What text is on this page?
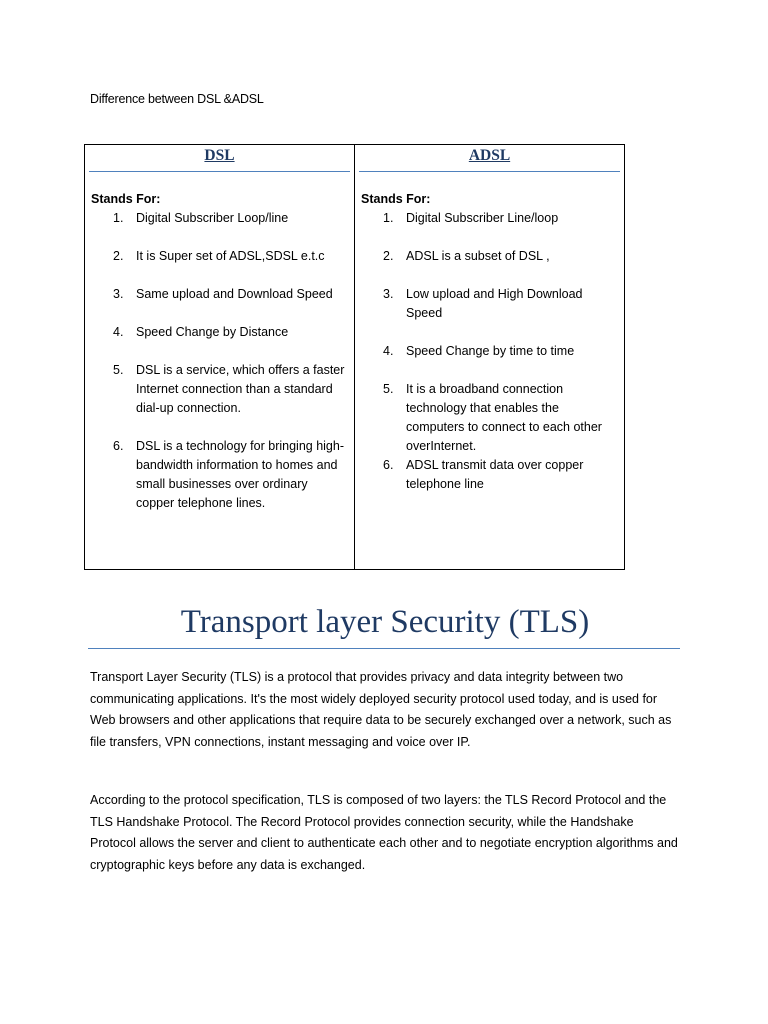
Difference between DSL &ADSL
DSL
Stands For:
1. Digital Subscriber Loop/line
2. It is Super set of ADSL,SDSL e.t.c
3. Same upload and Download Speed
4. Speed Change by Distance
5. DSL is a service, which offers a faster Internet connection than a standard dial-up connection.
6. DSL is a technology for bringing high- bandwidth information to homes and small businesses over ordinary copper telephone lines.
ADSL
Stands For:
1. Digital Subscriber Line/loop
2. ADSL is a subset of DSL ,
3. Low upload and High Download Speed
4. Speed Change by time to time
5. It is a broadband connection technology that enables the computers to connect to each other overInternet.
6. ADSL transmit data over copper telephone line
Transport layer Security (TLS)

Transport Layer Security (TLS) is a protocol that provides privacy and data integrity between two communicating applications. It's the most widely deployed security protocol used today, and is used for Web browsers and other applications that require data to be securely exchanged over a network, such as file transfers, VPN connections, instant messaging and voice over IP.

According to the protocol specification, TLS is composed of two layers: the TLS Record Protocol and the TLS Handshake Protocol. The Record Protocol provides connection security, while the Handshake Protocol allows the server and client to authenticate each other and to negotiate encryption algorithms and cryptographic keys before any data is exchanged.
